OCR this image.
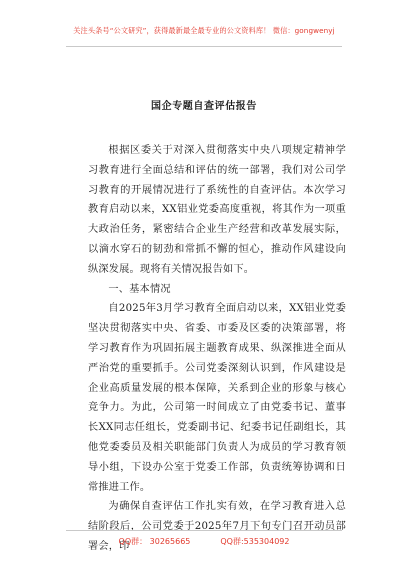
关注头条号“公文研究”，获得最新最全最专业的公文资料库！ 微信：gongwenyj
国企专题自查评估报告

根据区委关于对深入贯彻落实中央八项规定精神学习教育进行全面总结和评估的统一部署，我们对公司学习教育的开展情况进行了系统性的自查评估。本次学习教育启动以来，XX铝业党委高度重视，将其作为一项重大政治任务，紧密结合企业生产经营和改革发展实际，以滴水穿石的韧劲和常抓不懈的恒心，推动作风建设向纵深发展。现将有关情况报告如下。

一、基本情况

自2025年3月学习教育全面启动以来，XX铝业党委坚决贯彻落实中央、省委、市委及区委的决策部署，将学习教育作为巩固拓展主题教育成果、纵深推进全面从严治党的重要抓手。公司党委深刻认识到，作风建设是企业高质量发展的根本保障，关系到企业的形象与核心竞争力。为此，公司第一时间成立了由党委书记、董事长XX同志任组长，党委副书记、纪委书记任副组长，其他党委委员及相关职能部门负责人为成员的学习教育领导小组，下设办公室于党委工作部，负责统筹协调和日常推进工作。

为确保自查评估工作扎实有效，在学习教育进入总结阶段后，公司党委于2025年7月下旬专门召开动员部署会，印

QQ群： 30265665	QQ群:535304092
